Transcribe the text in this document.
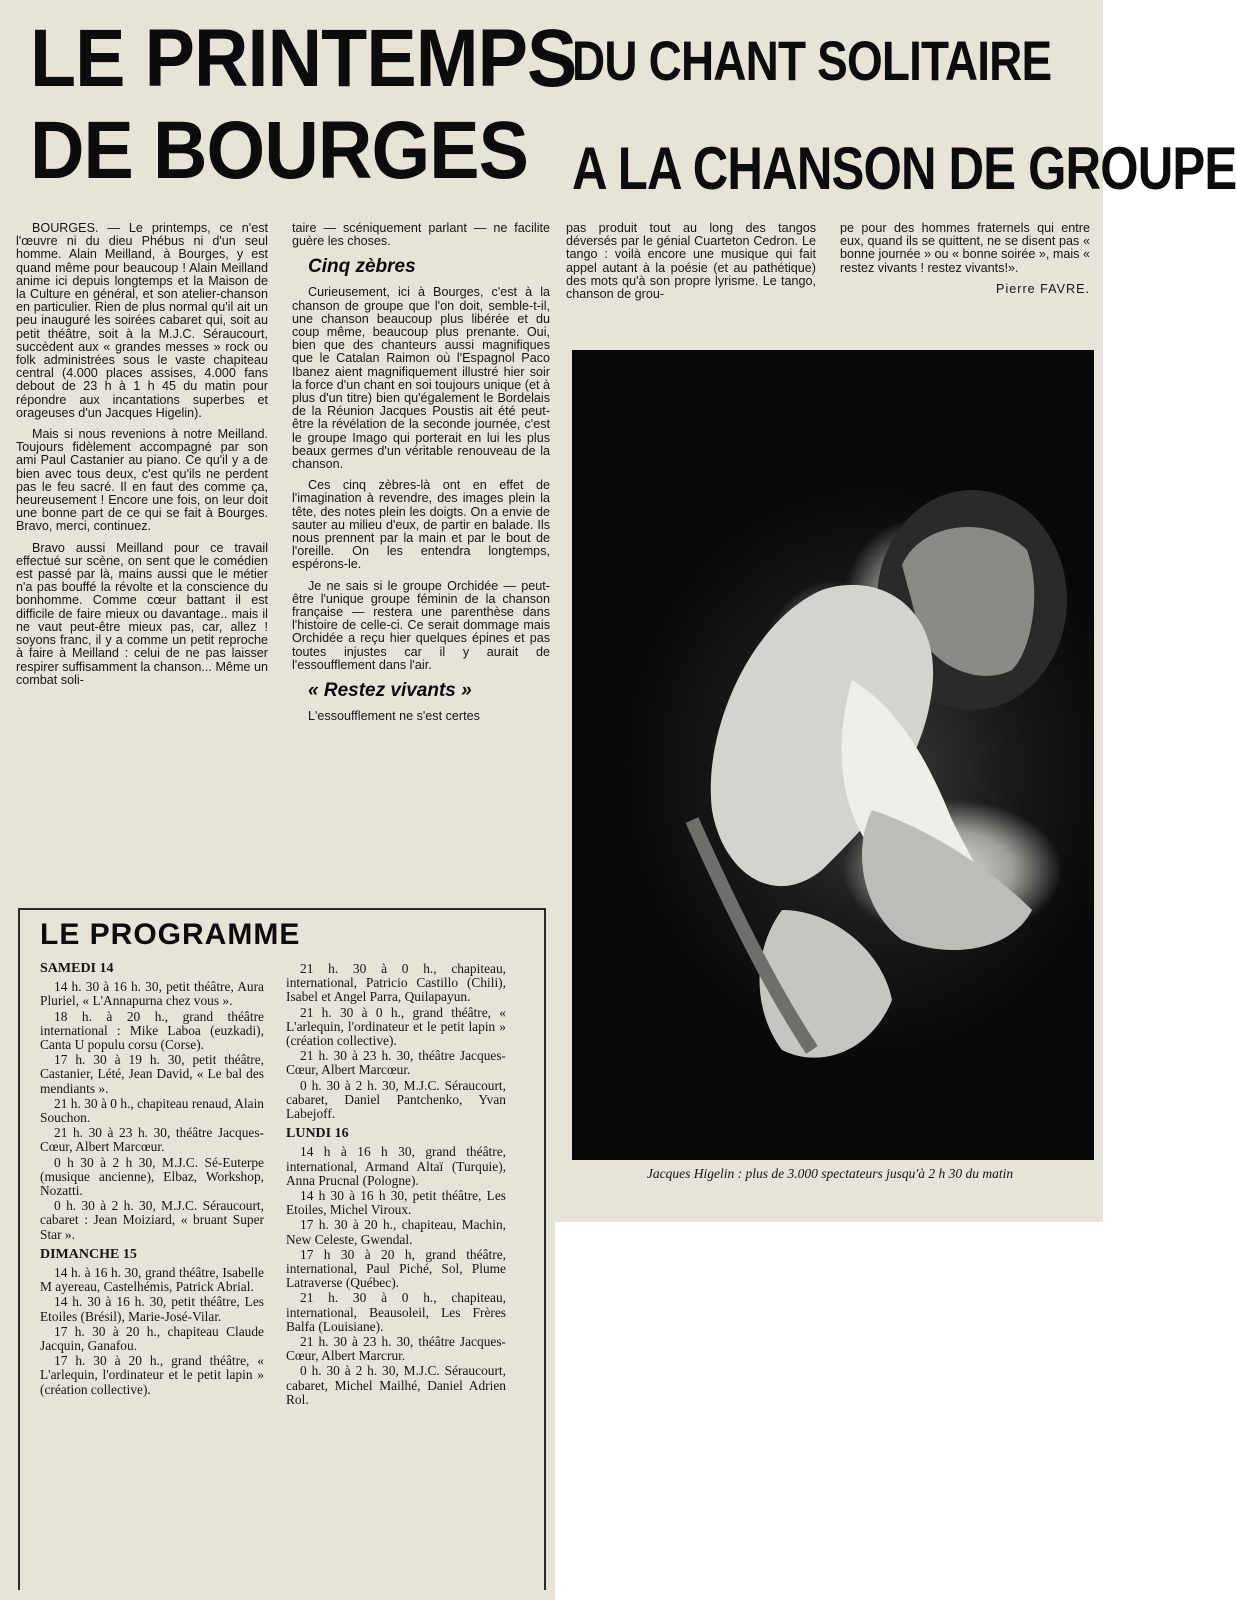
LE PRINTEMPS
DE BOURGES
DU CHANT SOLITAIRE
A LA CHANSON DE GROUPE

BOURGES. — Le printemps, ce n'est l'œuvre ni du dieu Phébus ni d'un seul homme. Alain Meilland, à Bourges, y est quand même pour beaucoup ! Alain Meilland anime ici depuis longtemps et la Maison de la Culture en général, et son atelier-chanson en particulier. Rien de plus normal qu'il ait un peu inauguré les soirées cabaret qui, soit au petit théâtre, soit à la M.J.C. Séraucourt, succèdent aux « grandes messes » rock ou folk administrées sous le vaste chapiteau central (4.000 places assises, 4.000 fans debout de 23 h à 1 h 45 du matin pour répondre aux incantations superbes et orageuses d'un Jacques Higelin).

Mais si nous revenions à notre Meilland. Toujours fidèlement accompagné par son ami Paul Castanier au piano. Ce qu'il y a de bien avec tous deux, c'est qu'ils ne perdent pas le feu sacré. Il en faut des comme ça, heureusement ! Encore une fois, on leur doit une bonne part de ce qui se fait à Bourges. Bravo, merci, continuez.

Bravo aussi Meilland pour ce travail effectué sur scène, on sent que le comédien est passé par là, mains aussi que le métier n'a pas bouffé la révolte et la conscience du bonhomme. Comme cœur battant il est difficile de faire mieux ou davantage.. mais il ne vaut peut-être mieux pas, car, allez ! soyons franc, il y a comme un petit reproche à faire à Meilland : celui de ne pas laisser respirer suffisamment la chanson... Même un combat soli-

taire — scéniquement parlant — ne facilite guère les choses.

Cinq zèbres

Curieusement, ici à Bourges, c'est à la chanson de groupe que l'on doit, semble-t-il, une chanson beaucoup plus libérée et du coup même, beaucoup plus prenante. Oui, bien que des chanteurs aussi magnifiques que le Catalan Raimon où l'Espagnol Paco Ibanez aient magnifiquement illustré hier soir la force d'un chant en soi toujours unique (et à plus d'un titre) bien qu'également le Bordelais de la Réunion Jacques Poustis ait été peut-être la révélation de la seconde journée, c'est le groupe Imago qui porterait en lui les plus beaux germes d'un véritable renouveau de la chanson.

Ces cinq zèbres-là ont en effet de l'imagination à revendre, des images plein la tête, des notes plein les doigts. On a envie de sauter au milieu d'eux, de partir en balade. Ils nous prennent par la main et par le bout de l'oreille. On les entendra longtemps, espérons-le.

Je ne sais si le groupe Orchidée — peut-être l'unique groupe féminin de la chanson française — restera une parenthèse dans l'histoire de celle-ci. Ce serait dommage mais Orchidée a reçu hier quelques épines et pas toutes injustes car il y aurait de l'essoufflement dans l'air.

« Restez vivants »

L'essoufflement ne s'est certes

pas produit tout au long des tangos déversés par le génial Cuarteton Cedron. Le tango : voilà encore une musique qui fait appel autant à la poésie (et au pathétique) des mots qu'à son propre lyrisme. Le tango, chanson de grou-

pe pour des hommes fraternels qui entre eux, quand ils se quittent, ne se disent pas « bonne journée » ou « bonne soirée », mais « restez vivants ! restez vivants!».

Pierre FAVRE.

Jacques Higelin : plus de 3.000 spectateurs jusqu'à 2 h 30 du matin

LE PROGRAMME

SAMEDI 14

14 h. 30 à 16 h. 30, petit théâtre, Aura Pluriel, « L'Annapurna chez vous ».

18 h. à 20 h., grand théâtre international : Mike Laboa (euzkadi), Canta U populu corsu (Corse).

17 h. 30 à 19 h. 30, petit théâtre, Castanier, Lété, Jean David, « Le bal des mendiants ».

21 h. 30 à 0 h., chapiteau renaud, Alain Souchon.

21 h. 30 à 23 h. 30, théâtre Jacques-Cœur, Albert Marcœur.

0 h 30 à 2 h 30, M.J.C. Sé-Euterpe (musique ancienne), Elbaz, Workshop, Nozatti.

0 h. 30 à 2 h. 30, M.J.C. Séraucourt, cabaret : Jean Moiziard, « bruant Super Star ».

DIMANCHE 15

14 h. à 16 h. 30, grand théâtre, Isabelle M ayereau, Castelhémis, Patrick Abrial.

14 h. 30 à 16 h. 30, petit théâtre, Les Etoiles (Brésil), Marie-José-Vilar.

17 h. 30 à 20 h., chapiteau Claude Jacquin, Ganafou.

17 h. 30 à 20 h., grand théâtre, « L'arlequin, l'ordinateur et le petit lapin » (création collective).

21 h. 30 à 0 h., chapiteau, international, Patricio Castillo (Chili), Isabel et Angel Parra, Quilapayun.

21 h. 30 à 0 h., grand théâtre, « L'arlequin, l'ordinateur et le petit lapin » (création collective).

21 h. 30 à 23 h. 30, théâtre Jacques-Cœur, Albert Marcœur.

0 h. 30 à 2 h. 30, M.J.C. Séraucourt, cabaret, Daniel Pantchenko, Yvan Labejoff.

LUNDI 16

14 h à 16 h 30, grand théâtre, international, Armand Altaï (Turquie), Anna Prucnal (Pologne).

14 h 30 à 16 h 30, petit théâtre, Les Etoiles, Michel Viroux.

17 h. 30 à 20 h., chapiteau, Machin, New Celeste, Gwendal.

17 h 30 à 20 h, grand théâtre, international, Paul Piché, Sol, Plume Latraverse (Québec).

21 h. 30 à 0 h., chapiteau, international, Beausoleil, Les Frères Balfa (Louisiane).

21 h. 30 à 23 h. 30, théâtre Jacques-Cœur, Albert Marcrur.

0 h. 30 à 2 h. 30, M.J.C. Séraucourt, cabaret, Michel Mailhé, Daniel Adrien Rol.
